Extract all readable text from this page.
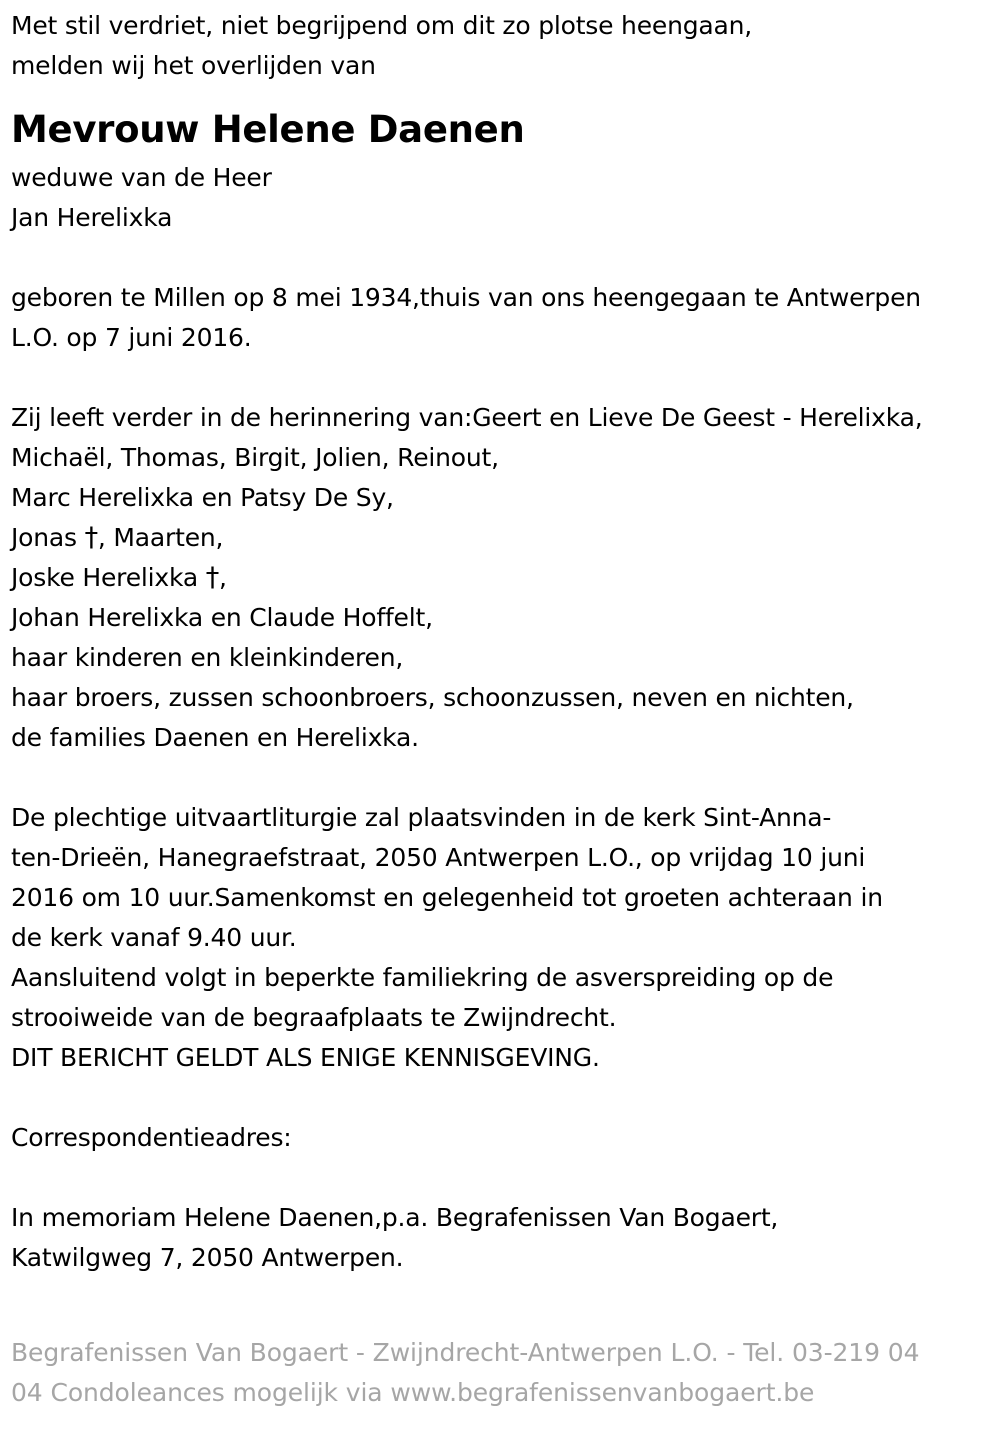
Met stil verdriet, niet begrijpend om dit zo plotse heengaan,
melden wij het overlijden van
Mevrouw Helene Daenen
weduwe van de Heer
Jan Herelixka
geboren te Millen op 8 mei 1934,thuis van ons heengegaan te Antwerpen
L.O. op 7 juni 2016.
Zij leeft verder in de herinnering van:Geert en Lieve De Geest - Herelixka,
Michaël, Thomas, Birgit, Jolien, Reinout,
Marc Herelixka en Patsy De Sy,
Jonas †, Maarten,
Joske Herelixka †,
Johan Herelixka en Claude Hoffelt,
haar kinderen en kleinkinderen,
haar broers, zussen schoonbroers, schoonzussen, neven en nichten,
de families Daenen en Herelixka.
De plechtige uitvaartliturgie zal plaatsvinden in de kerk Sint-Anna-
ten-Drieën, Hanegraefstraat, 2050 Antwerpen L.O., op vrijdag 10 juni
2016 om 10 uur.Samenkomst en gelegenheid tot groeten achteraan in
de kerk vanaf 9.40 uur.
Aansluitend volgt in beperkte familiekring de asverspreiding op de
strooiweide van de begraafplaats te Zwijndrecht.
DIT BERICHT GELDT ALS ENIGE KENNISGEVING.
Correspondentieadres:
In memoriam Helene Daenen,p.a. Begrafenissen Van Bogaert,
Katwilgweg 7, 2050 Antwerpen.
Begrafenissen Van Bogaert - Zwijndrecht-Antwerpen L.O. - Tel. 03-219 04
04 Condoleances mogelijk via www.begrafenissenvanbogaert.be
